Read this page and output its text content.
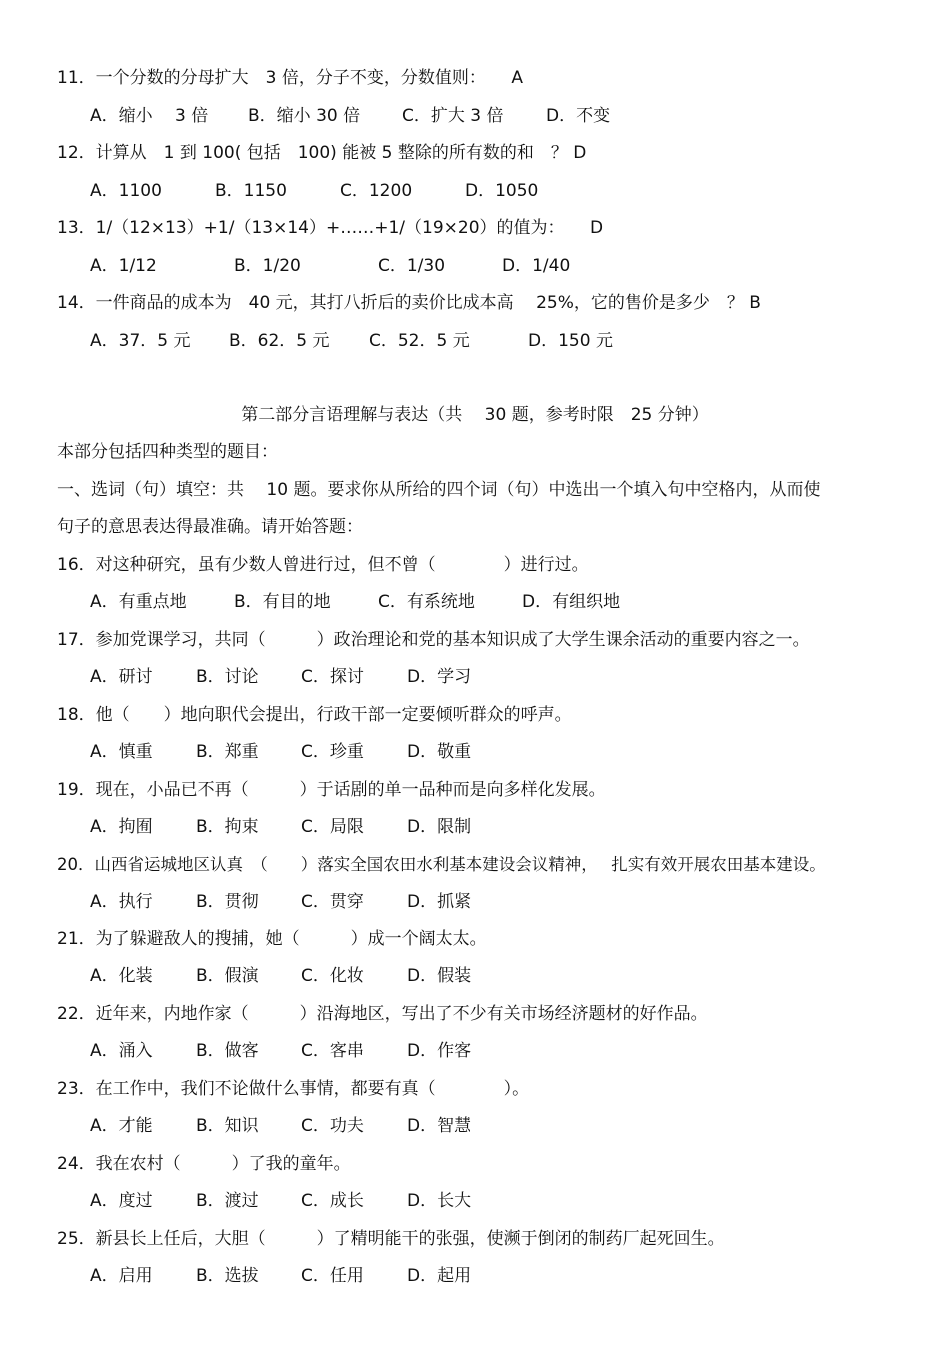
11．一个分数的分母扩大　3 倍，分子不变，分数值则：　　A
A．缩小　 3 倍 B．缩小 30 倍 C．扩大 3 倍	D．不变
12．计算从　1 到 100( 包括　100) 能被 5 整除的所有数的和　？ D
A．1100	B．1150	C．1200	D．1050
13．1/（12×13）+1/（13×14）+……+1/（19×20）的值为：　　D
A．1/12	B．1/20	C．1/30	D．1/40
14．一件商品的成本为　40 元，其打八折后的卖价比成本高　 25%，它的售价是多少　？ B
A．37．5 元 B．62．5 元 C．52．5 元	D．150 元
第二部分言语理解与表达（共　 30 题，参考时限　25 分钟）
本部分包括四种类型的题目：
一、选词（句）填空：共　 10 题。要求你从所给的四个词（句）中选出一个填入句中空格内，从而使
句子的意思表达得最准确。请开始答题：
16．对这种研究，虽有少数人曾进行过，但不曾（　　　　）进行过。
A．有重点地	B．有目的地	C．有系统地	D．有组织地
17．参加党课学习，共同（　　　）政治理论和党的基本知识成了大学生课余活动的重要内容之一。
A．研讨	B．讨论 C．探讨	D．学习
18．他（　　）地向职代会提出，行政干部一定要倾听群众的呼声。
A．慎重	B．郑重 C．珍重	D．敬重
19．现在，小品已不再（　　　）于话剧的单一品种而是向多样化发展。
A．拘囿	B．拘束 C．局限	D．限制
20．山西省运城地区认真　（　　）落实全国农田水利基本建设会议精神，　 扎实有效开展农田基本建设。
A．执行	B．贯彻 C．贯穿	D．抓紧
21．为了躲避敌人的搜捕，她（　　　）成一个阔太太。
A．化装	B．假演 C．化妆	D．假装
22．近年来，内地作家（　　　）沿海地区，写出了不少有关市场经济题材的好作品。
A．涌入	B．做客 C．客串	D．作客
23．在工作中，我们不论做什么事情，都要有真（　　　　）。
A．才能	B．知识 C．功夫	D．智慧
24．我在农村（　　　）了我的童年。
A．度过	B．渡过 C．成长	D．长大
25．新县长上任后，大胆（　　　）了精明能干的张强，使濒于倒闭的制药厂起死回生。
A．启用	B．选拔 C．任用	D．起用
